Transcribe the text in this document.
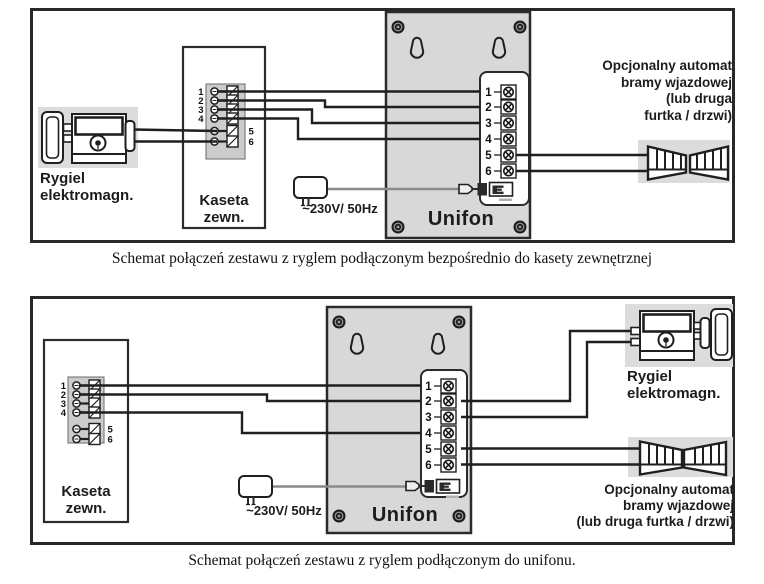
1
2
3
4
5
6
1
2
3
4
5
6
1
2
3
4
5
6
1
2
3
4
5
6
Rygiel
elektromagn.	Kaseta
zewn.
~230V/ 50Hz	Unifon
Opcjonalny automat
bramy wjazdowej
(lub druga
furtka / drzwi)
Schemat połączeń zestawu z ryglem podłączonym bezpośrednio do kasety zewnętrznej
Kaseta
zewn.	~230V/ 50Hz	Unifon
Rygiel
elektromagn.
Opcjonalny automat
bramy wjazdowej
(lub druga furtka / drzwi)
Schemat połączeń zestawu z ryglem podłączonym do unifonu.
